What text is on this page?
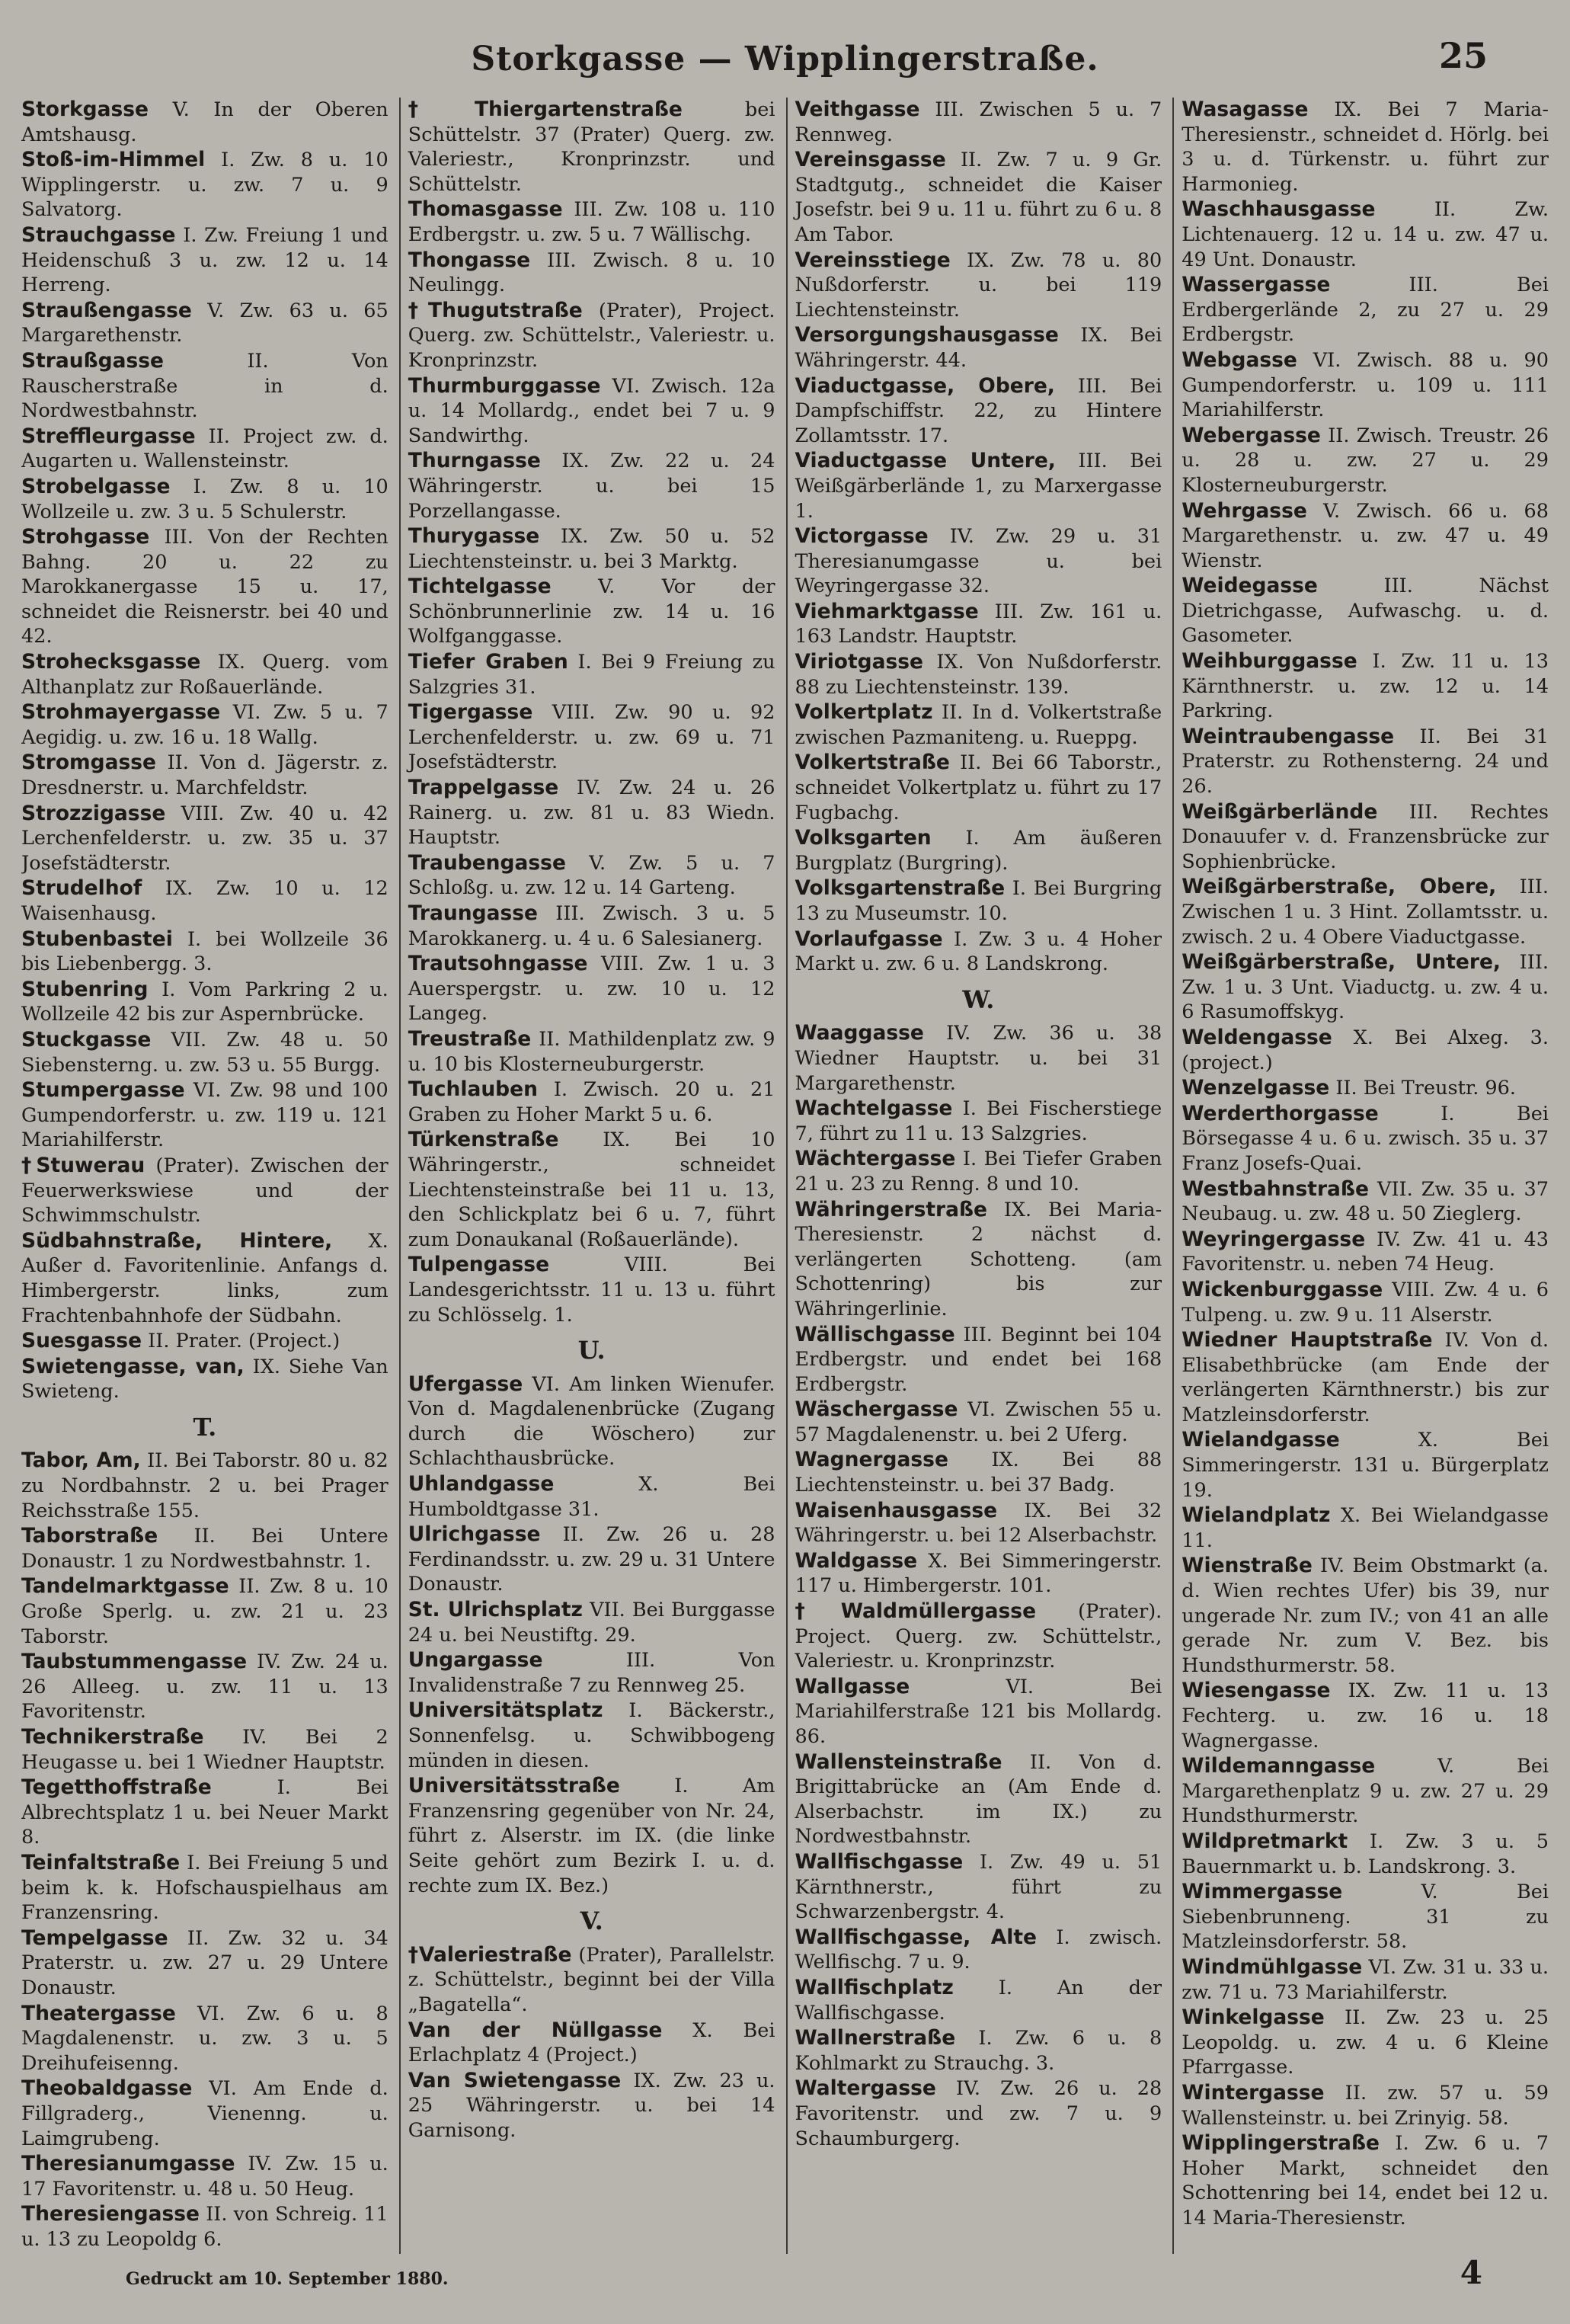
Storkgasse — Wipplingerstraße.	25
Storkgasse V. In der Oberen Amtshausg.
Stoß-im-Himmel I. Zw. 8 u. 10 Wipplingerstr. u. zw. 7 u. 9 Salvatorg.
Strauchgasse I. Zw. Freiung 1 und Heidenschuß 3 u. zw. 12 u. 14 Herreng.
Straußengasse V. Zw. 63 u. 65 Margarethenstr.
Straußgasse II. Von Rauscherstraße in d. Nordwestbahnstr.
Streffleurgasse II. Project zw. d. Augarten u. Wallensteinstr.
Strobelgasse I. Zw. 8 u. 10 Wollzeile u. zw. 3 u. 5 Schulerstr.
Strohgasse III. Von der Rechten Bahng. 20 u. 22 zu Marokkanergasse 15 u. 17, schneidet die Reisnerstr. bei 40 und 42.
Strohecksgasse IX. Querg. vom Althanplatz zur Roßauerlände.
Strohmayergasse VI. Zw. 5 u. 7 Aegidig. u. zw. 16 u. 18 Wallg.
Stromgasse II. Von d. Jägerstr. z. Dresdnerstr. u. Marchfeldstr.
Strozzigasse VIII. Zw. 40 u. 42 Lerchenfelderstr. u. zw. 35 u. 37 Josefstädterstr.
Strudelhof IX. Zw. 10 u. 12 Waisenhausg.
Stubenbastei I. bei Wollzeile 36 bis Liebenbergg. 3.
Stubenring I. Vom Parkring 2 u. Wollzeile 42 bis zur Aspernbrücke.
Stuckgasse VII. Zw. 48 u. 50 Siebensterng. u. zw. 53 u. 55 Burgg.
Stumpergasse VI. Zw. 98 und 100 Gumpendorferstr. u. zw. 119 u. 121 Mariahilferstr.
†Stuwerau (Prater). Zwischen der Feuerwerkswiese und der Schwimmschulstr.
Südbahnstraße, Hintere, X. Außer d. Favoritenlinie. Anfangs d. Himbergerstr. links, zum Frachtenbahnhofe der Südbahn.
Suesgasse II. Prater. (Project.)
Swietengasse, van, IX. Siehe Van Swieteng.
T.
Tabor, Am, II. Bei Taborstr. 80 u. 82 zu Nordbahnstr. 2 u. bei Prager Reichsstraße 155.
Taborstraße II. Bei Untere Donaustr. 1 zu Nordwestbahnstr. 1.
Tandelmarktgasse II. Zw. 8 u. 10 Große Sperlg. u. zw. 21 u. 23 Taborstr.
Taubstummengasse IV. Zw. 24 u. 26 Alleeg. u. zw. 11 u. 13 Favoritenstr.
Technikerstraße IV. Bei 2 Heugasse u. bei 1 Wiedner Hauptstr.
Tegetthoffstraße I. Bei Albrechtsplatz 1 u. bei Neuer Markt 8.
Teinfaltstraße I. Bei Freiung 5 und beim k. k. Hofschauspielhaus am Franzensring.
Tempelgasse II. Zw. 32 u. 34 Praterstr. u. zw. 27 u. 29 Untere Donaustr.
Theatergasse VI. Zw. 6 u. 8 Magdalenenstr. u. zw. 3 u. 5 Dreihufeisenng.
Theobaldgasse VI. Am Ende d. Fillgraderg., Vienenng. u. Laimgrubeng.
Theresianumgasse IV. Zw. 15 u. 17 Favoritenstr. u. 48 u. 50 Heug.
Theresiengasse II. von Schreig. 11 u. 13 zu Leopoldg 6.
†Thiergartenstraße bei Schüttelstr. 37 (Prater) Querg. zw. Valeriestr., Kronprinzstr. und Schüttelstr.
Thomasgasse III. Zw. 108 u. 110 Erdbergstr. u. zw. 5 u. 7 Wällischg.
Thongasse III. Zwisch. 8 u. 10 Neulingg.
†Thugutstraße (Prater), Project. Querg. zw. Schüttelstr., Valeriestr. u. Kronprinzstr.
Thurmburggasse VI. Zwisch. 12a u. 14 Mollardg., endet bei 7 u. 9 Sandwirthg.
Thurngasse IX. Zw. 22 u. 24 Währingerstr. u. bei 15 Porzellangasse.
Thurygasse IX. Zw. 50 u. 52 Liechtensteinstr. u. bei 3 Marktg.
Tichtelgasse V. Vor der Schönbrunnerlinie zw. 14 u. 16 Wolfganggasse.
Tiefer Graben I. Bei 9 Freiung zu Salzgries 31.
Tigergasse VIII. Zw. 90 u. 92 Lerchenfelderstr. u. zw. 69 u. 71 Josefstädterstr.
Trappelgasse IV. Zw. 24 u. 26 Rainerg. u. zw. 81 u. 83 Wiedn. Hauptstr.
Traubengasse V. Zw. 5 u. 7 Schloßg. u. zw. 12 u. 14 Garteng.
Traungasse III. Zwisch. 3 u. 5 Marokkanerg. u. 4 u. 6 Salesianerg.
Trautsohngasse VIII. Zw. 1 u. 3 Auerspergstr. u. zw. 10 u. 12 Langeg.
Treustraße II. Mathildenplatz zw. 9 u. 10 bis Klosterneuburgerstr.
Tuchlauben I. Zwisch. 20 u. 21 Graben zu Hoher Markt 5 u. 6.
Türkenstraße IX. Bei 10 Währingerstr., schneidet Liechtensteinstraße bei 11 u. 13, den Schlickplatz bei 6 u. 7, führt zum Donaukanal (Roßauerlände).
Tulpengasse VIII. Bei Landesgerichtsstr. 11 u. 13 u. führt zu Schlösselg. 1.
U.
Ufergasse VI. Am linken Wienufer. Von d. Magdalenenbrücke (Zugang durch die Wöschero) zur Schlachthausbrücke.
Uhlandgasse X. Bei Humboldtgasse 31.
Ulrichgasse II. Zw. 26 u. 28 Ferdinandsstr. u. zw. 29 u. 31 Untere Donaustr.
St. Ulrichsplatz VII. Bei Burggasse 24 u. bei Neustiftg. 29.
Ungargasse III. Von Invalidenstraße 7 zu Rennweg 25.
Universitätsplatz I. Bäckerstr., Sonnenfelsg. u. Schwibbogeng münden in diesen.
Universitätsstraße I. Am Franzensring gegenüber von Nr. 24, führt z. Alserstr. im IX. (die linke Seite gehört zum Bezirk I. u. d. rechte zum IX. Bez.)
V.
†Valeriestraße (Prater), Parallelstr. z. Schüttelstr., beginnt bei der Villa „Bagatella“.
Van der Nüllgasse X. Bei Erlachplatz 4 (Project.)
Van Swietengasse IX. Zw. 23 u. 25 Währingerstr. u. bei 14 Garnisong.
Veithgasse III. Zwischen 5 u. 7 Rennweg.
Vereinsgasse II. Zw. 7 u. 9 Gr. Stadtgutg., schneidet die Kaiser Josefstr. bei 9 u. 11 u. führt zu 6 u. 8 Am Tabor.
Vereinsstiege IX. Zw. 78 u. 80 Nußdorferstr. u. bei 119 Liechtensteinstr.
Versorgungshausgasse IX. Bei Währingerstr. 44.
Viaductgasse, Obere, III. Bei Dampfschiffstr. 22, zu Hintere Zollamtsstr. 17.
Viaductgasse Untere, III. Bei Weißgärberlände 1, zu Marxergasse 1.
Victorgasse IV. Zw. 29 u. 31 Theresianumgasse u. bei Weyringergasse 32.
Viehmarktgasse III. Zw. 161 u. 163 Landstr. Hauptstr.
Viriotgasse IX. Von Nußdorferstr. 88 zu Liechtensteinstr. 139.
Volkertplatz II. In d. Volkertstraße zwischen Pazmaniteng. u. Rueppg.
Volkertstraße II. Bei 66 Taborstr., schneidet Volkertplatz u. führt zu 17 Fugbachg.
Volksgarten I. Am äußeren Burgplatz (Burgring).
Volksgartenstraße I. Bei Burgring 13 zu Museumstr. 10.
Vorlaufgasse I. Zw. 3 u. 4 Hoher Markt u. zw. 6 u. 8 Landskrong.
W.
Waaggasse IV. Zw. 36 u. 38 Wiedner Hauptstr. u. bei 31 Margarethenstr.
Wachtelgasse I. Bei Fischerstiege 7, führt zu 11 u. 13 Salzgries.
Wächtergasse I. Bei Tiefer Graben 21 u. 23 zu Renng. 8 und 10.
Währingerstraße IX. Bei Maria-Theresienstr. 2 nächst d. verlängerten Schotteng. (am Schottenring) bis zur Währingerlinie.
Wällischgasse III. Beginnt bei 104 Erdbergstr. und endet bei 168 Erdbergstr.
Wäschergasse VI. Zwischen 55 u. 57 Magdalenenstr. u. bei 2 Uferg.
Wagnergasse IX. Bei 88 Liechtensteinstr. u. bei 37 Badg.
Waisenhausgasse IX. Bei 32 Währingerstr. u. bei 12 Alserbachstr.
Waldgasse X. Bei Simmeringerstr. 117 u. Himbergerstr. 101.
†Waldmüllergasse (Prater). Project. Querg. zw. Schüttelstr., Valeriestr. u. Kronprinzstr.
Wallgasse VI. Bei Mariahilferstraße 121 bis Mollardg. 86.
Wallensteinstraße II. Von d. Brigittabrücke an (Am Ende d. Alserbachstr. im IX.) zu Nordwestbahnstr.
Wallfischgasse I. Zw. 49 u. 51 Kärnthnerstr., führt zu Schwarzenbergstr. 4.
Wallfischgasse, Alte I. zwisch. Wellfischg. 7 u. 9.
Wallfischplatz I. An der Wallfischgasse.
Wallnerstraße I. Zw. 6 u. 8 Kohlmarkt zu Strauchg. 3.
Waltergasse IV. Zw. 26 u. 28 Favoritenstr. und zw. 7 u. 9 Schaumburgerg.
Wasagasse IX. Bei 7 Maria-Theresienstr., schneidet d. Hörlg. bei 3 u. d. Türkenstr. u. führt zur Harmonieg.
Waschhausgasse II. Zw. Lichtenauerg. 12 u. 14 u. zw. 47 u. 49 Unt. Donaustr.
Wassergasse III. Bei Erdbergerlände 2, zu 27 u. 29 Erdbergstr.
Webgasse VI. Zwisch. 88 u. 90 Gumpendorferstr. u. 109 u. 111 Mariahilferstr.
Webergasse II. Zwisch. Treustr. 26 u. 28 u. zw. 27 u. 29 Klosterneuburgerstr.
Wehrgasse V. Zwisch. 66 u. 68 Margarethenstr. u. zw. 47 u. 49 Wienstr.
Weidegasse III. Nächst Dietrichgasse, Aufwaschg. u. d. Gasometer.
Weihburggasse I. Zw. 11 u. 13 Kärnthnerstr. u. zw. 12 u. 14 Parkring.
Weintraubengasse II. Bei 31 Praterstr. zu Rothensterng. 24 und 26.
Weißgärberlände III. Rechtes Donauufer v. d. Franzensbrücke zur Sophienbrücke.
Weißgärberstraße, Obere, III. Zwischen 1 u. 3 Hint. Zollamtsstr. u. zwisch. 2 u. 4 Obere Viaductgasse.
Weißgärberstraße, Untere, III. Zw. 1 u. 3 Unt. Viaductg. u. zw. 4 u. 6 Rasumoffskyg.
Weldengasse X. Bei Alxeg. 3. (project.)
Wenzelgasse II. Bei Treustr. 96.
Werderthorgasse I. Bei Börsegasse 4 u. 6 u. zwisch. 35 u. 37 Franz Josefs-Quai.
Westbahnstraße VII. Zw. 35 u. 37 Neubaug. u. zw. 48 u. 50 Zieglerg.
Weyringergasse IV. Zw. 41 u. 43 Favoritenstr. u. neben 74 Heug.
Wickenburggasse VIII. Zw. 4 u. 6 Tulpeng. u. zw. 9 u. 11 Alserstr.
Wiedner Hauptstraße IV. Von d. Elisabethbrücke (am Ende der verlängerten Kärnthnerstr.) bis zur Matzleinsdorferstr.
Wielandgasse X. Bei Simmeringerstr. 131 u. Bürgerplatz 19.
Wielandplatz X. Bei Wielandgasse 11.
Wienstraße IV. Beim Obstmarkt (a. d. Wien rechtes Ufer) bis 39, nur ungerade Nr. zum IV.; von 41 an alle gerade Nr. zum V. Bez. bis Hundsthurmerstr. 58.
Wiesengasse IX. Zw. 11 u. 13 Fechterg. u. zw. 16 u. 18 Wagnergasse.
Wildemanngasse V. Bei Margarethenplatz 9 u. zw. 27 u. 29 Hundsthurmerstr.
Wildpretmarkt I. Zw. 3 u. 5 Bauernmarkt u. b. Landskrong. 3.
Wimmergasse V. Bei Siebenbrunneng. 31 zu Matzleinsdorferstr. 58.
Windmühlgasse VI. Zw. 31 u. 33 u. zw. 71 u. 73 Mariahilferstr.
Winkelgasse II. Zw. 23 u. 25 Leopoldg. u. zw. 4 u. 6 Kleine Pfarrgasse.
Wintergasse II. zw. 57 u. 59 Wallensteinstr. u. bei Zrinyig. 58.
Wipplingerstraße I. Zw. 6 u. 7 Hoher Markt, schneidet den Schottenring bei 14, endet bei 12 u. 14 Maria-Theresienstr.
Gedruckt am 10. September 1880.	4
